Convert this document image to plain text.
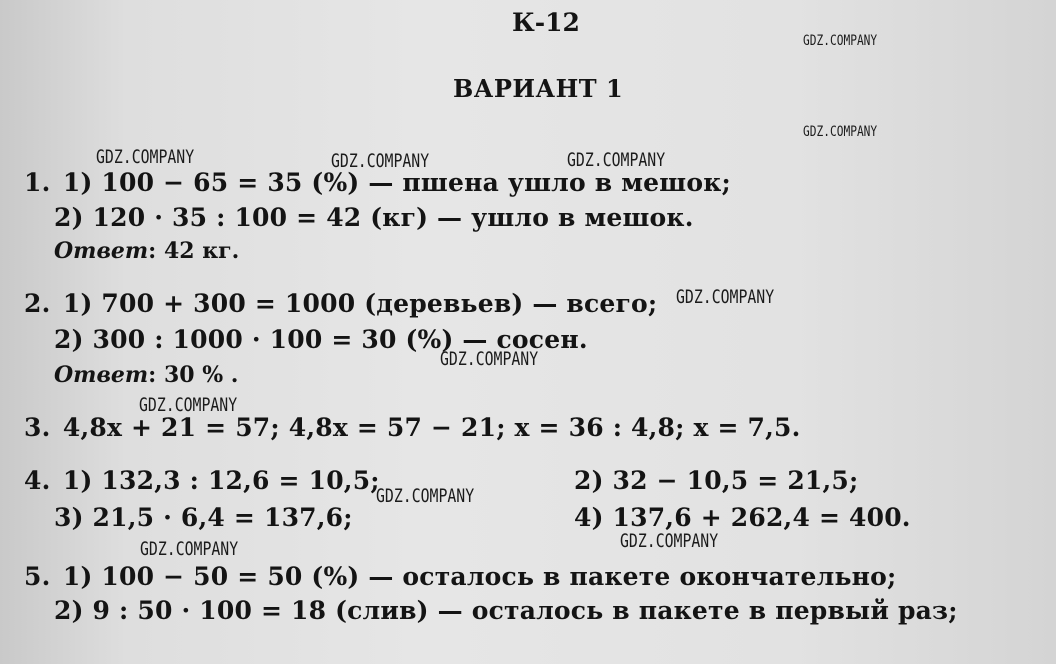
К-12
ВАРИАНТ 1
GDZ.COMPANY
GDZ.COMPANY
GDZ.COMPANY	GDZ.COMPANY	GDZ.COMPANY
GDZ.COMPANY
GDZ.COMPANY
GDZ.COMPANY
GDZ.COMPANY
GDZ.COMPANY
GDZ.COMPANY
1. 1) 100 − 65 = 35 (%) — пшена ушло в мешок;
2) 120 · 35 : 100 = 42 (кг) — ушло в мешок.
Ответ: 42 кг.
2. 1) 700 + 300 = 1000 (деревьев) — всего;
2) 300 : 1000 · 100 = 30 (%) — сосен.
Ответ: 30 % .
3. 4,8x + 21 = 57; 4,8x = 57 − 21; x = 36 : 4,8; x = 7,5.
4. 1) 132,3 : 12,6 = 10,5;	2) 32 − 10,5 = 21,5;
3) 21,5 · 6,4 = 137,6;	4) 137,6 + 262,4 = 400.
5. 1) 100 − 50 = 50 (%) — осталось в пакете окончательно;
2) 9 : 50 · 100 = 18 (слив) — осталось в пакете в первый раз;
